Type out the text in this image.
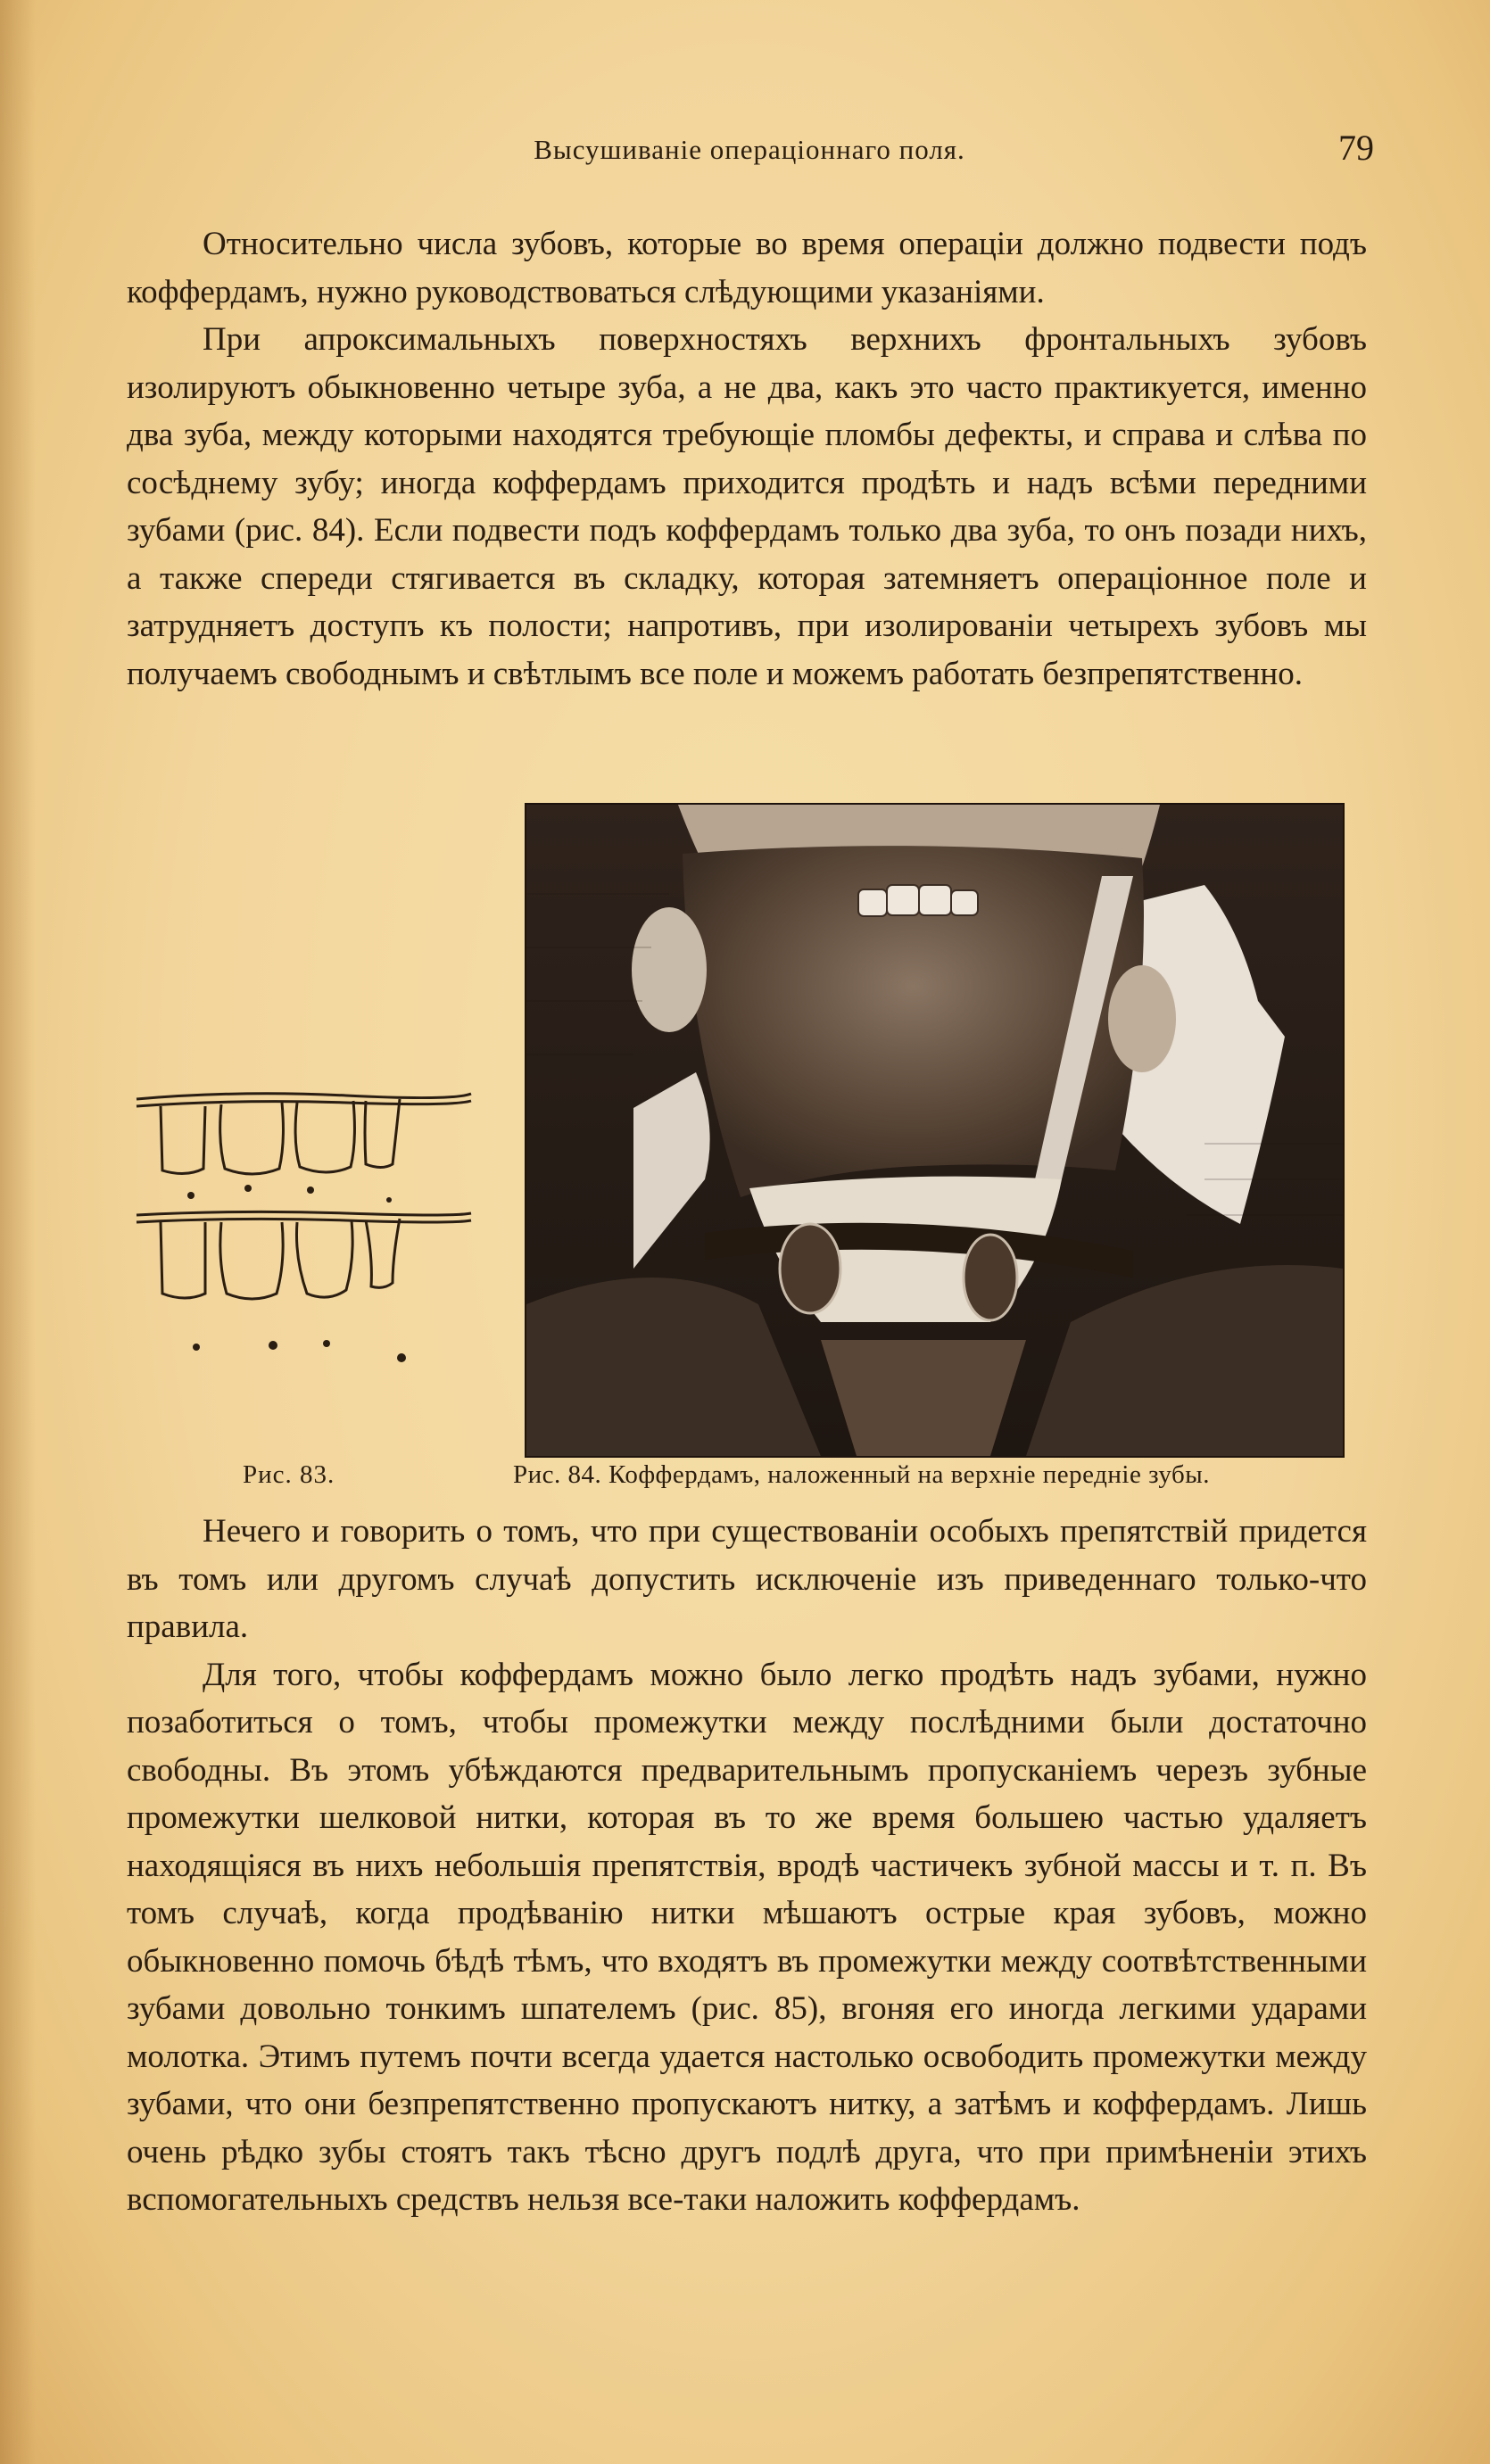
Высушиваніе операціоннаго поля.	79

Относительно числа зубовъ, которые во время операціи должно подвести подъ коффердамъ, нужно руководствоваться слѣдующими указаніями.

При апроксимальныхъ поверхностяхъ верхнихъ фронтальныхъ зубовъ изолируютъ обыкновенно четыре зуба, а не два, какъ это часто практикуется, именно два зуба, между которыми находятся требующіе пломбы дефекты, и справа и слѣва по сосѣднему зубу; иногда коффердамъ приходится продѣть и надъ всѣми передними зубами (рис. 84). Если подвести подъ коффердамъ только два зуба, то онъ позади нихъ, а также спереди стягивается въ складку, которая затемняетъ операціонное поле и затрудняетъ доступъ къ полости; напротивъ, при изолированіи четырехъ зубовъ мы получаемъ свободнымъ и свѣтлымъ все поле и можемъ работать безпрепятственно.

Рис. 83.	Рис. 84. Коффердамъ, наложенный на верхніе передніе зубы.

Нечего и говорить о томъ, что при существованіи особыхъ препятствій придется въ томъ или другомъ случаѣ допустить исключеніе изъ приведеннаго только-что правила.

Для того, чтобы коффердамъ можно было легко продѣть надъ зубами, нужно позаботиться о томъ, чтобы промежутки между послѣдними были достаточно свободны. Въ этомъ убѣждаются предварительнымъ пропусканіемъ черезъ зубные промежутки шелковой нитки, которая въ то же время большею частью удаляетъ находящіяся въ нихъ небольшія препятствія, вродѣ частичекъ зубной массы и т. п. Въ томъ случаѣ, когда продѣванію нитки мѣшаютъ острые края зубовъ, можно обыкновенно помочь бѣдѣ тѣмъ, что входятъ въ промежутки между соотвѣтственными зубами довольно тонкимъ шпателемъ (рис. 85), вгоняя его иногда легкими ударами молотка. Этимъ путемъ почти всегда удается настолько освободить промежутки между зубами, что они безпрепятственно пропускаютъ нитку, а затѣмъ и коффердамъ. Лишь очень рѣдко зубы стоятъ такъ тѣсно другъ подлѣ друга, что при примѣненіи этихъ вспомогательныхъ средствъ нельзя все-таки наложить коффердамъ.
